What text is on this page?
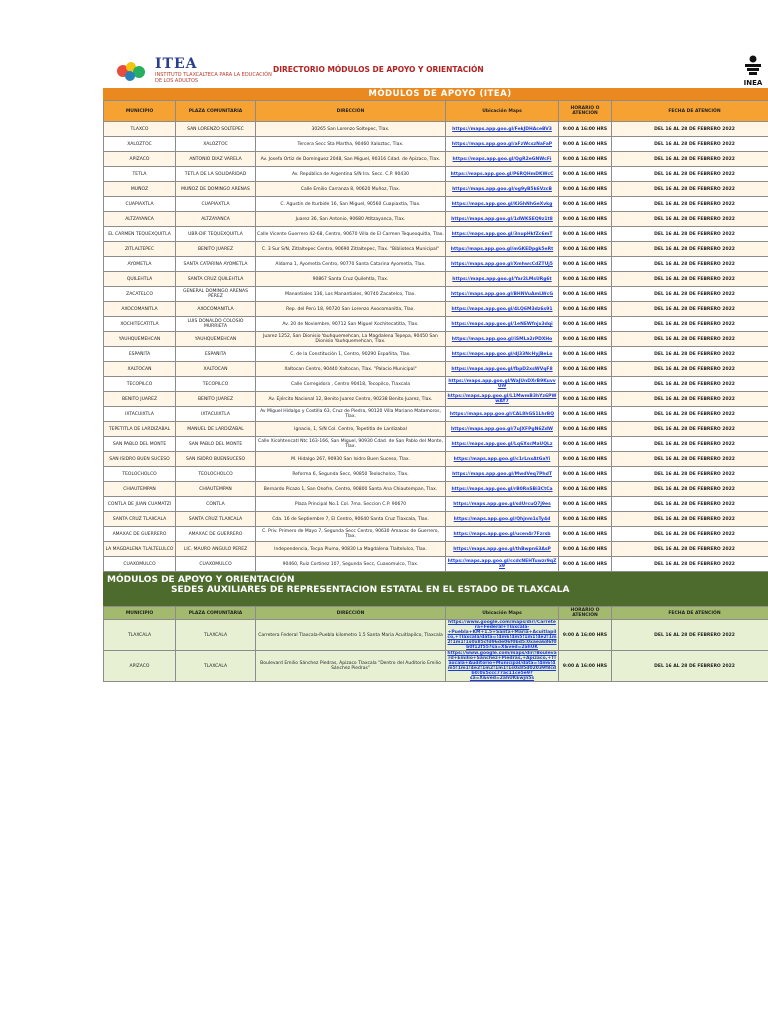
ITEA
INSTITUTO TLAXCALTECA PARA LA EDUCACIÓN DE LOS ADULTOS
DIRECTORIO MÓDULOS DE APOYO Y ORIENTACIÓN
INEA
MÓDULOS DE APOYO (ITEA)
MUNICIPIO	PLAZA COMUNITARIA	DIRECCIÓN	Ubicación Maps	HORARIO O ATENCIÓN	FECHA DE ATENCIÓN
TLAXCO	SAN LORENZO SOLTEPEC	30265 San Lorenzo Soltepec, Tlax.	https://maps.app.goo.gl/FekJDHAceBV3	9:00 A 16:00 HRS	DEL 16 AL 28 DE FEBRERO 2022
XALOZTOC	XALOZTOC	Tercera Secc Sta Martha, 90460 Xaloztoc, Tlax.	https://maps.app.goo.gl/aFzWcszNaFaP	9:00 A 16:00 HRS	DEL 16 AL 28 DE FEBRERO 2022
APIZACO	ANTONIO DIAZ VARELA	Av. Josefa Ortiz de Domínguez 2048, San Miguel, 90316 Cdad. de Apizaco, Tlax.	https://maps.app.goo.gl/QgR2eGNWcFi	9:00 A 16:00 HRS	DEL 16 AL 28 DE FEBRERO 2022
TETLA	TETLA DE LA SOLIDARIDAD	Av. República de Argentina S/N Ira. Secc. C.P. 90430	https://maps.app.goo.gl/P6RQHmDKWcC	9:00 A 16:00 HRS	DEL 16 AL 28 DE FEBRERO 2022
MUÑOZ	MUÑOZ DE DOMINGO ARENAS	Calle Emilio Carranza 8, 90620 Muñoz, Tlax.	https://maps.app.goo.gl/og9yB5k6VzcB	9:00 A 16:00 HRS	DEL 16 AL 28 DE FEBRERO 2022
CUAPIAXTLA	CUAPIAXTLA	C. Agustín de Iturbide 16, San Miguel, 90560 Cuapiaxtla, Tlax.	https://maps.app.goo.gl/KiGhNhGeXvkg	9:00 A 16:00 HRS	DEL 16 AL 28 DE FEBRERO 2022
ALTZAYANCA	ALTZAYANCA	Juarez 36, San Antonio, 90680 Atltzayanca, Tlax.	https://maps.app.goo.gl/1dWKSEQ9z1t8	9:00 A 16:00 HRS	DEL 16 AL 28 DE FEBRERO 2022
EL CARMEN TEQUEXQUITLA	UBR-DIF TEQUEXQUITLA	Calle Vicente Guerrero 42-68, Centro, 90670 Villa de El Carmen Tequexquitla, Tlax.	https://maps.app.goo.gl/3nupHkfZc6mT	9:00 A 16:00 HRS	DEL 16 AL 28 DE FEBRERO 2022
ZITLALTEPEC	BENITO JUAREZ	C. 3 Sur S/N, Zitlaltepec Centro, 90690 Zitlaltepec, Tlax. "Biblioteca Municipal"	https://maps.app.goo.gl/mGKEDpgk5eRt	9:00 A 16:00 HRS	DEL 16 AL 28 DE FEBRERO 2022
AYOMETLA	SANTA CATARINA AYOMETLA	Aldama 1, Ayometla Centro, 90770 Santa Catarina Ayometla, Tlax.	https://maps.app.goo.gl/XmhwcCdZTUj5	9:00 A 16:00 HRS	DEL 16 AL 28 DE FEBRERO 2022
QUILEHTLA	SANTA CRUZ QUILEHTLA	90867 Santa Cruz Quilehtla, Tlax.	https://maps.app.goo.gl/Yar2LMsURg6t	9:00 A 16:00 HRS	DEL 16 AL 28 DE FEBRERO 2022
ZACATELCO	GENERAL DOMINGO ARENAS PÉREZ	Manantiales 136, Los Manantiales, 90740 Zacatelco, Tlax.	https://maps.app.goo.gl/BHNVuAmLWcG	9:00 A 16:00 HRS	DEL 16 AL 28 DE FEBRERO 2022
AXOCOMANITLA	AXOCOMANITLA	Rep. del Perú 18, 90720 San Lorenzo Axocomanitla, Tlax.	https://maps.app.goo.gl/4LQ6M3dz6s91	9:00 A 16:00 HRS	DEL 16 AL 28 DE FEBRERO 2022
XOCHITECATITLA	LUIS DONALDO COLOSIO MURRIETA	Av. 20 de Noviembre, 90712 San Miguel Xochitecatitla, Tlax.	https://maps.app.goo.gl/1eNEWfnjx3dqi	9:00 A 16:00 HRS	DEL 16 AL 28 DE FEBRERO 2022
YAUHQUEMEHCAN	YAUHQUEMEHCAN	Juarez 1252, San Dionisio Yauhquemehcan, La Magdalena Tepepa, 90450 San Dionisio Yauhquemehcan, Tlax.	https://maps.app.goo.gl/iSMLa2rPDXHo	9:00 A 16:00 HRS	DEL 16 AL 28 DE FEBRERO 2022
ESPAÑITA	ESPAÑITA	C. de la Constitución 1, Centro, 90290 Españita, Tlax.	https://maps.app.goo.gl/dJ33NcHyjBeLo	9:00 A 16:00 HRS	DEL 16 AL 28 DE FEBRERO 2022
XALTOCAN	XALTOCAN	Xaltocan Centro, 90440 Xaltocan, Tlax. "Palacio Municipal"	https://maps.app.goo.gl/fbpD2xsWVqF8	9:00 A 16:00 HRS	DEL 16 AL 28 DE FEBRERO 2022
TECOPILCO	TECOPILCO	Calle Corregidora , Centro 90418, Tecopilco, Tlaxcala	https://maps.app.goo.gl/WaJUnDXrB9KuvvUi9	9:00 A 16:00 HRS	DEL 16 AL 28 DE FEBRERO 2022
BENITO JUAREZ	BENITO JUAREZ	Av. Ejército Nacional 12, Benito Juarez Centro, 90238 Benito Juarez, Tlax.	https://maps.app.goo.gl/L1MwmB3hYz6PWwAY7	9:00 A 16:00 HRS	DEL 16 AL 28 DE FEBRERO 2022
IXTACUIXTLA	IXTACUIXTLA	Av Miguel Hidalgo y Costilla 63, Cruz de Piedra, 90120 Villa Mariano Matamoros, Tlax.	https://maps.app.goo.gl/CAL8hGS1LhrBQ	9:00 A 16:00 HRS	DEL 16 AL 28 DE FEBRERO 2022
TEPETITLA DE LARDIZABAL	MANUEL DE LARDIZABAL	Ignacio, 1, S/N Col. Centro, Tepetitla de Lardizabal	https://maps.app.goo.gl/7uJXFPgN6ZdW	9:00 A 16:00 HRS	DEL 16 AL 28 DE FEBRERO 2022
SAN PABLO DEL MONTE	SAN PABLO DEL MONTE	Calle Xicohtencatl Ntc 163-166, San Miguel, 90930 Cdad. de San Pablo del Monte, Tlax.	https://maps.app.goo.gl/Lq6XscMaUQLz	9:00 A 16:00 HRS	DEL 16 AL 28 DE FEBRERO 2022
SAN ISIDRO BUEN SUCESO	SAN ISIDRO BUENSUCESO	M. Hidalgo 267, 90930 San Isidro Buen Suceso, Tlax.	https://maps.app.goo.gl/c1rLnxAtGaYi	9:00 A 16:00 HRS	DEL 16 AL 28 DE FEBRERO 2022
TEOLOCHOLCO	TEOLOCHOLCO	Reforma 6, Segunda Secc, 90850 Teolocholco, Tlax.	https://maps.app.goo.gl/MwdVeq7PhdT	9:00 A 16:00 HRS	DEL 16 AL 28 DE FEBRERO 2022
CHIAUTEMPAN	CHIAUTEMPAN	Bernardo Picazo 1, San Onofre, Centro, 90800 Santa Ana Chiautempan, Tlax.	https://maps.app.goo.gl/rB0RnSBi3CtCa	9:00 A 16:00 HRS	DEL 16 AL 28 DE FEBRERO 2022
CONTLA DE JUAN CUAMATZI	CONTLA	Plaza Principal No.1 Col. 7ma. Seccion C.P. 90670	https://maps.app.goo.gl/sdUrcuQ7j9es	9:00 A 16:00 HRS	DEL 16 AL 28 DE FEBRERO 2022
SANTA CRUZ TLAXCALA	SANTA CRUZ TLAXCALA	Cda. 16 de Septiembre 7, El Centro, 90640 Santa Cruz Tlaxcala, Tlax.	https://maps.app.goo.gl/Qhjnm1sTy4d	9:00 A 16:00 HRS	DEL 16 AL 28 DE FEBRERO 2022
AMAXAC DE GUERRERO	AMAXAC DE GUERRERO	C. Priv. Primero de Mayo 7, Segunda Secc Centro, 90630 Amaxac de Guerrero, Tlax.	https://maps.app.goo.gl/ucen4r7Fzrsb	9:00 A 16:00 HRS	DEL 16 AL 28 DE FEBRERO 2022
LA MAGDALENA TLALTELULCO	LIC. MAURO ANGULO PEREZ	Independencia, Tecpa Pluma, 90830 La Magdalena Tlaltelulco, Tlax.	https://maps.app.goo.gl/thBwpn63AsP	9:00 A 16:00 HRS	DEL 16 AL 28 DE FEBRERO 2022
CUAXOMULCO	CUAXOMULCO	90460, Ruiz Cortinez 107, Segunda Secc, Cuaxomulco, Tlax.	https://maps.app.goo.gl/ccdcNEHTuwzr9qZx9	9:00 A 16:00 HRS	DEL 16 AL 28 DE FEBRERO 2022
MÓDULOS DE APOYO Y ORIENTACIÓN
SEDES AUXILIARES DE REPRESENTACION ESTATAL EN EL ESTADO DE TLAXCALA
MUNICIPIO	PLAZA COMUNITARIA	DIRECCIÓN	Ubicación Maps	HORARIO O ATENCIÓN	FECHA DE ATENCIÓN
TLAXCALA	TLAXCALA	Carretera Federal Tlaxcala-Puebla kilometro 1.5 Santa Maria Acuitlapilco, Tlaxcala	https://www.google.com/maps/dir//Carretera+Federal+Tlaxcala-+Puebla+KM+1.5+Santa+Maria+Acuitlapilco,+Tlaxcala/data=!4m6!4m5!1m1!4e2!1m2!1m1!1s0x85cfd96de06f0bd5:0xaea686f0b0f12f55?sa=X&ved=2ahUK	9:00 A 16:00 HRS	DEL 16 AL 28 DE FEBRERO 2022
APIZACO	TLAXCALA	Boulevard Emilio Sánchez Piedras, Apizaco Tlaxcala "Dentro del Auditorio Emilio Sánchez Piedras"	https://www.google.com/maps/dir//Boulevard+Emilio+Sánchez+Piedras,+Apizaco,+Tlaxcala+Auditorio+Municipal/data=!4m6!4m5!1m1!4e2!1m2!1m1!1s0x85d02039f8cdb0:0x5ccc77ac11ce5e9?sa=X&ved=2ahUKEwjn5s	9:00 A 16:00 HRS	DEL 16 AL 28 DE FEBRERO 2022
